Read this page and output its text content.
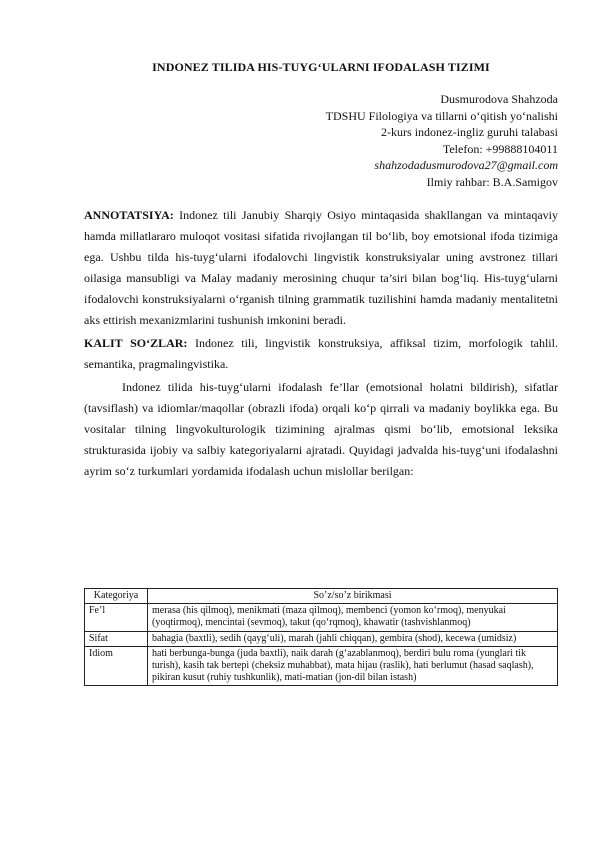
INDONEZ TILIDA HIS-TUYG‘ULARNI IFODALASH TIZIMI
Dusmurodova Shahzoda
TDSHU Filologiya va tillarni o‘qitish yo‘nalishi
2-kurs indonez-ingliz guruhi talabasi
Telefon: +99888104011
shahzodadusmurodova27@gmail.com
Ilmiy rahbar: B.A.Samigov

ANNOTATSIYA: Indonez tili Janubiy Sharqiy Osiyo mintaqasida shakllangan va mintaqaviy hamda millatlararo muloqot vositasi sifatida rivojlangan til bo‘lib, boy emotsional ifoda tizimiga ega. Ushbu tilda his-tuyg‘ularni ifodalovchi lingvistik konstruksiyalar uning avstronez tillari oilasiga mansubligi va Malay madaniy merosining chuqur ta’siri bilan bog‘liq. His-tuyg‘ularni ifodalovchi konstruksiyalarni o‘rganish tilning grammatik tuzilishini hamda madaniy mentalitetni aks ettirish mexanizmlarini tushunish imkonini beradi.

KALIT SO‘ZLAR: Indonez tili, lingvistik konstruksiya, affiksal tizim, morfologik tahlil. semantika, pragmalingvistika.

Indonez tilida his-tuyg‘ularni ifodalash fe’llar (emotsional holatni bildirish), sifatlar (tavsiflash) va idiomlar/maqollar (obrazli ifoda) orqali ko‘p qirrali va madaniy boylikka ega. Bu vositalar tilning lingvokulturologik tizimining ajralmas qismi bo‘lib, emotsional leksika strukturasida ijobiy va salbiy kategoriyalarni ajratadi. Quyidagi jadvalda his-tuyg‘uni ifodalashni ayrim so‘z turkumlari yordamida ifodalash uchun mislollar berilgan:

Kategoriya	So’z/so’z birikmasi
Fe’l	merasa (his qilmoq), menikmati (maza qilmoq), membenci (yomon ko‘rmoq), menyukai (yoqtirmoq), mencintai (sevmoq), takut (qo‘rqmoq), khawatir (tashvishlanmoq)
Sifat	bahagia (baxtli), sedih (qayg‘uli), marah (jahli chiqqan), gembira (shod), kecewa (umidsiz)
Idiom	hati berbunga-bunga (juda baxtli), naik darah (g‘azablanmoq), berdiri bulu roma (yunglari tik turish), kasih tak bertepi (cheksiz muhabbat), mata hijau (raslik), hati berlumut (hasad saqlash), pikiran kusut (ruhiy tushkunlik), mati-matian (jon-dil bilan istash)
